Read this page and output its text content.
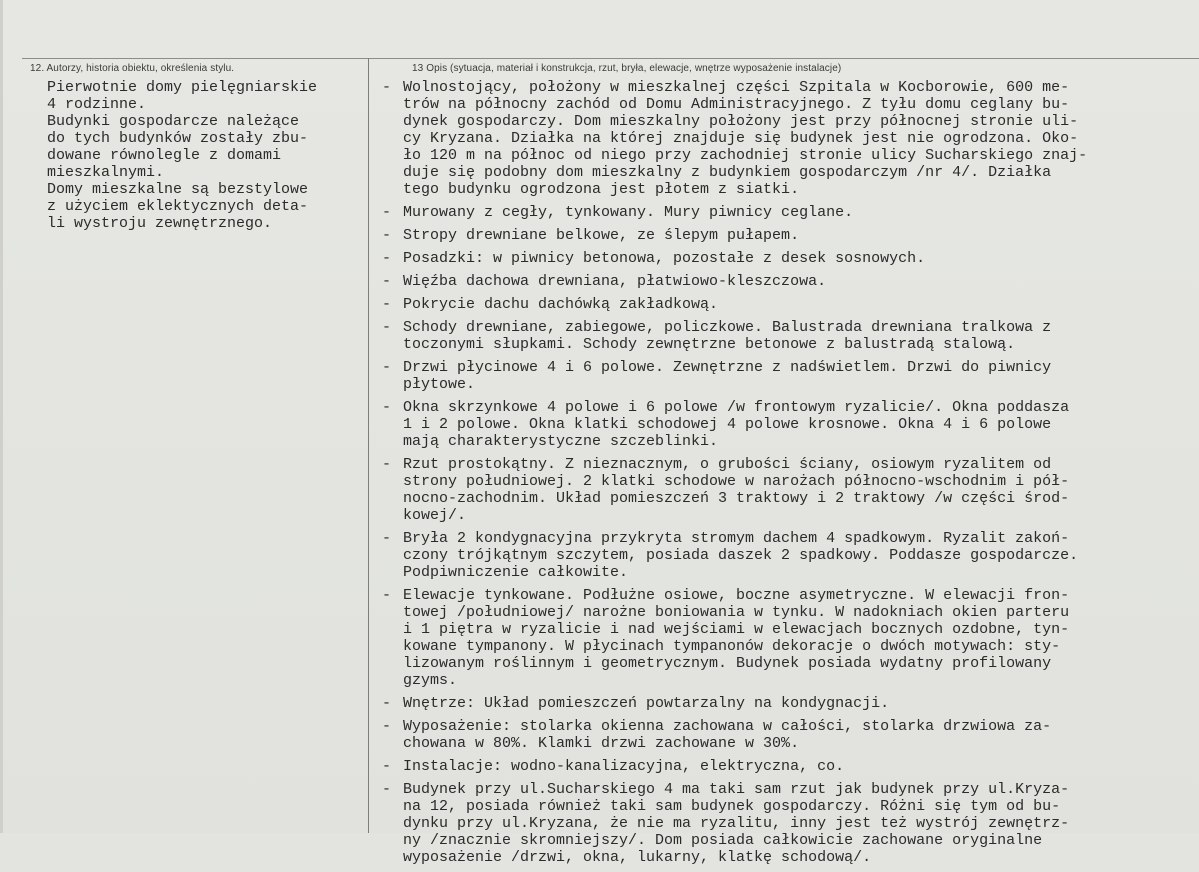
12. Autorzy, historia obiektu, określenia stylu.	13 Opis (sytuacja, materiał i konstrukcja, rzut, bryła, elewacje, wnętrze wyposażenie instalacje)
Pierwotnie domy pielęgniarskie
4 rodzinne.
Budynki gospodarcze należące
do tych budynków zostały zbu-
dowane równolegle z domami
mieszkalnymi.
Domy mieszkalne są bezstylowe
z użyciem eklektycznych deta-
li wystroju zewnętrznego.
- Wolnostojący, położony w mieszkalnej części Szpitala w Kocborowie, 600 me-
trów na północny zachód od Domu Administracyjnego. Z tyłu domu ceglany bu-
dynek gospodarczy. Dom mieszkalny położony jest przy północnej stronie uli-
cy Kryzana. Działka na której znajduje się budynek jest nie ogrodzona. Oko-
ło 120 m na północ od niego przy zachodniej stronie ulicy Sucharskiego znaj-
duje się podobny dom mieszkalny z budynkiem gospodarczym /nr 4/. Działka
tego budynku ogrodzona jest płotem z siatki.
- Murowany z cegły, tynkowany. Mury piwnicy ceglane.
- Stropy drewniane belkowe, ze ślepym pułapem.
- Posadzki: w piwnicy betonowa, pozostałe z desek sosnowych.
- Więźba dachowa drewniana, płatwiowo-kleszczowa.
- Pokrycie dachu dachówką zakładkową.
- Schody drewniane, zabiegowe, policzkowe. Balustrada drewniana tralkowa z
toczonymi słupkami. Schody zewnętrzne betonowe z balustradą stalową.
- Drzwi płycinowe 4 i 6 polowe. Zewnętrzne z nadświetlem. Drzwi do piwnicy
płytowe.
- Okna skrzynkowe 4 polowe i 6 polowe /w frontowym ryzalicie/. Okna poddasza
1 i 2 polowe. Okna klatki schodowej 4 polowe krosnowe. Okna 4 i 6 polowe
mają charakterystyczne szczeblinki.
- Rzut prostokątny. Z nieznacznym, o grubości ściany, osiowym ryzalitem od
strony południowej. 2 klatki schodowe w narożach północno-wschodnim i pół-
nocno-zachodnim. Układ pomieszczeń 3 traktowy i 2 traktowy /w części środ-
kowej/.
- Bryła 2 kondygnacyjna przykryta stromym dachem 4 spadkowym. Ryzalit zakoń-
czony trójkątnym szczytem, posiada daszek 2 spadkowy. Poddasze gospodarcze.
Podpiwniczenie całkowite.
- Elewacje tynkowane. Podłużne osiowe, boczne asymetryczne. W elewacji fron-
towej /południowej/ narożne boniowania w tynku. W nadokniach okien parteru
i 1 piętra w ryzalicie i nad wejściami w elewacjach bocznych ozdobne, tyn-
kowane tympanony. W płycinach tympanonów dekoracje o dwóch motywach: sty-
lizowanym roślinnym i geometrycznym. Budynek posiada wydatny profilowany
gzyms.
- Wnętrze: Układ pomieszczeń powtarzalny na kondygnacji.
- Wyposażenie: stolarka okienna zachowana w całości, stolarka drzwiowa za-
chowana w 80%. Klamki drzwi zachowane w 30%.
- Instalacje: wodno-kanalizacyjna, elektryczna, co.
- Budynek przy ul.Sucharskiego 4 ma taki sam rzut jak budynek przy ul.Kryza-
na 12, posiada również taki sam budynek gospodarczy. Różni się tym od bu-
dynku przy ul.Kryzana, że nie ma ryzalitu, inny jest też wystrój zewnętrz-
ny /znacznie skromniejszy/. Dom posiada całkowicie zachowane oryginalne
wyposażenie /drzwi, okna, lukarny, klatkę schodową/.
